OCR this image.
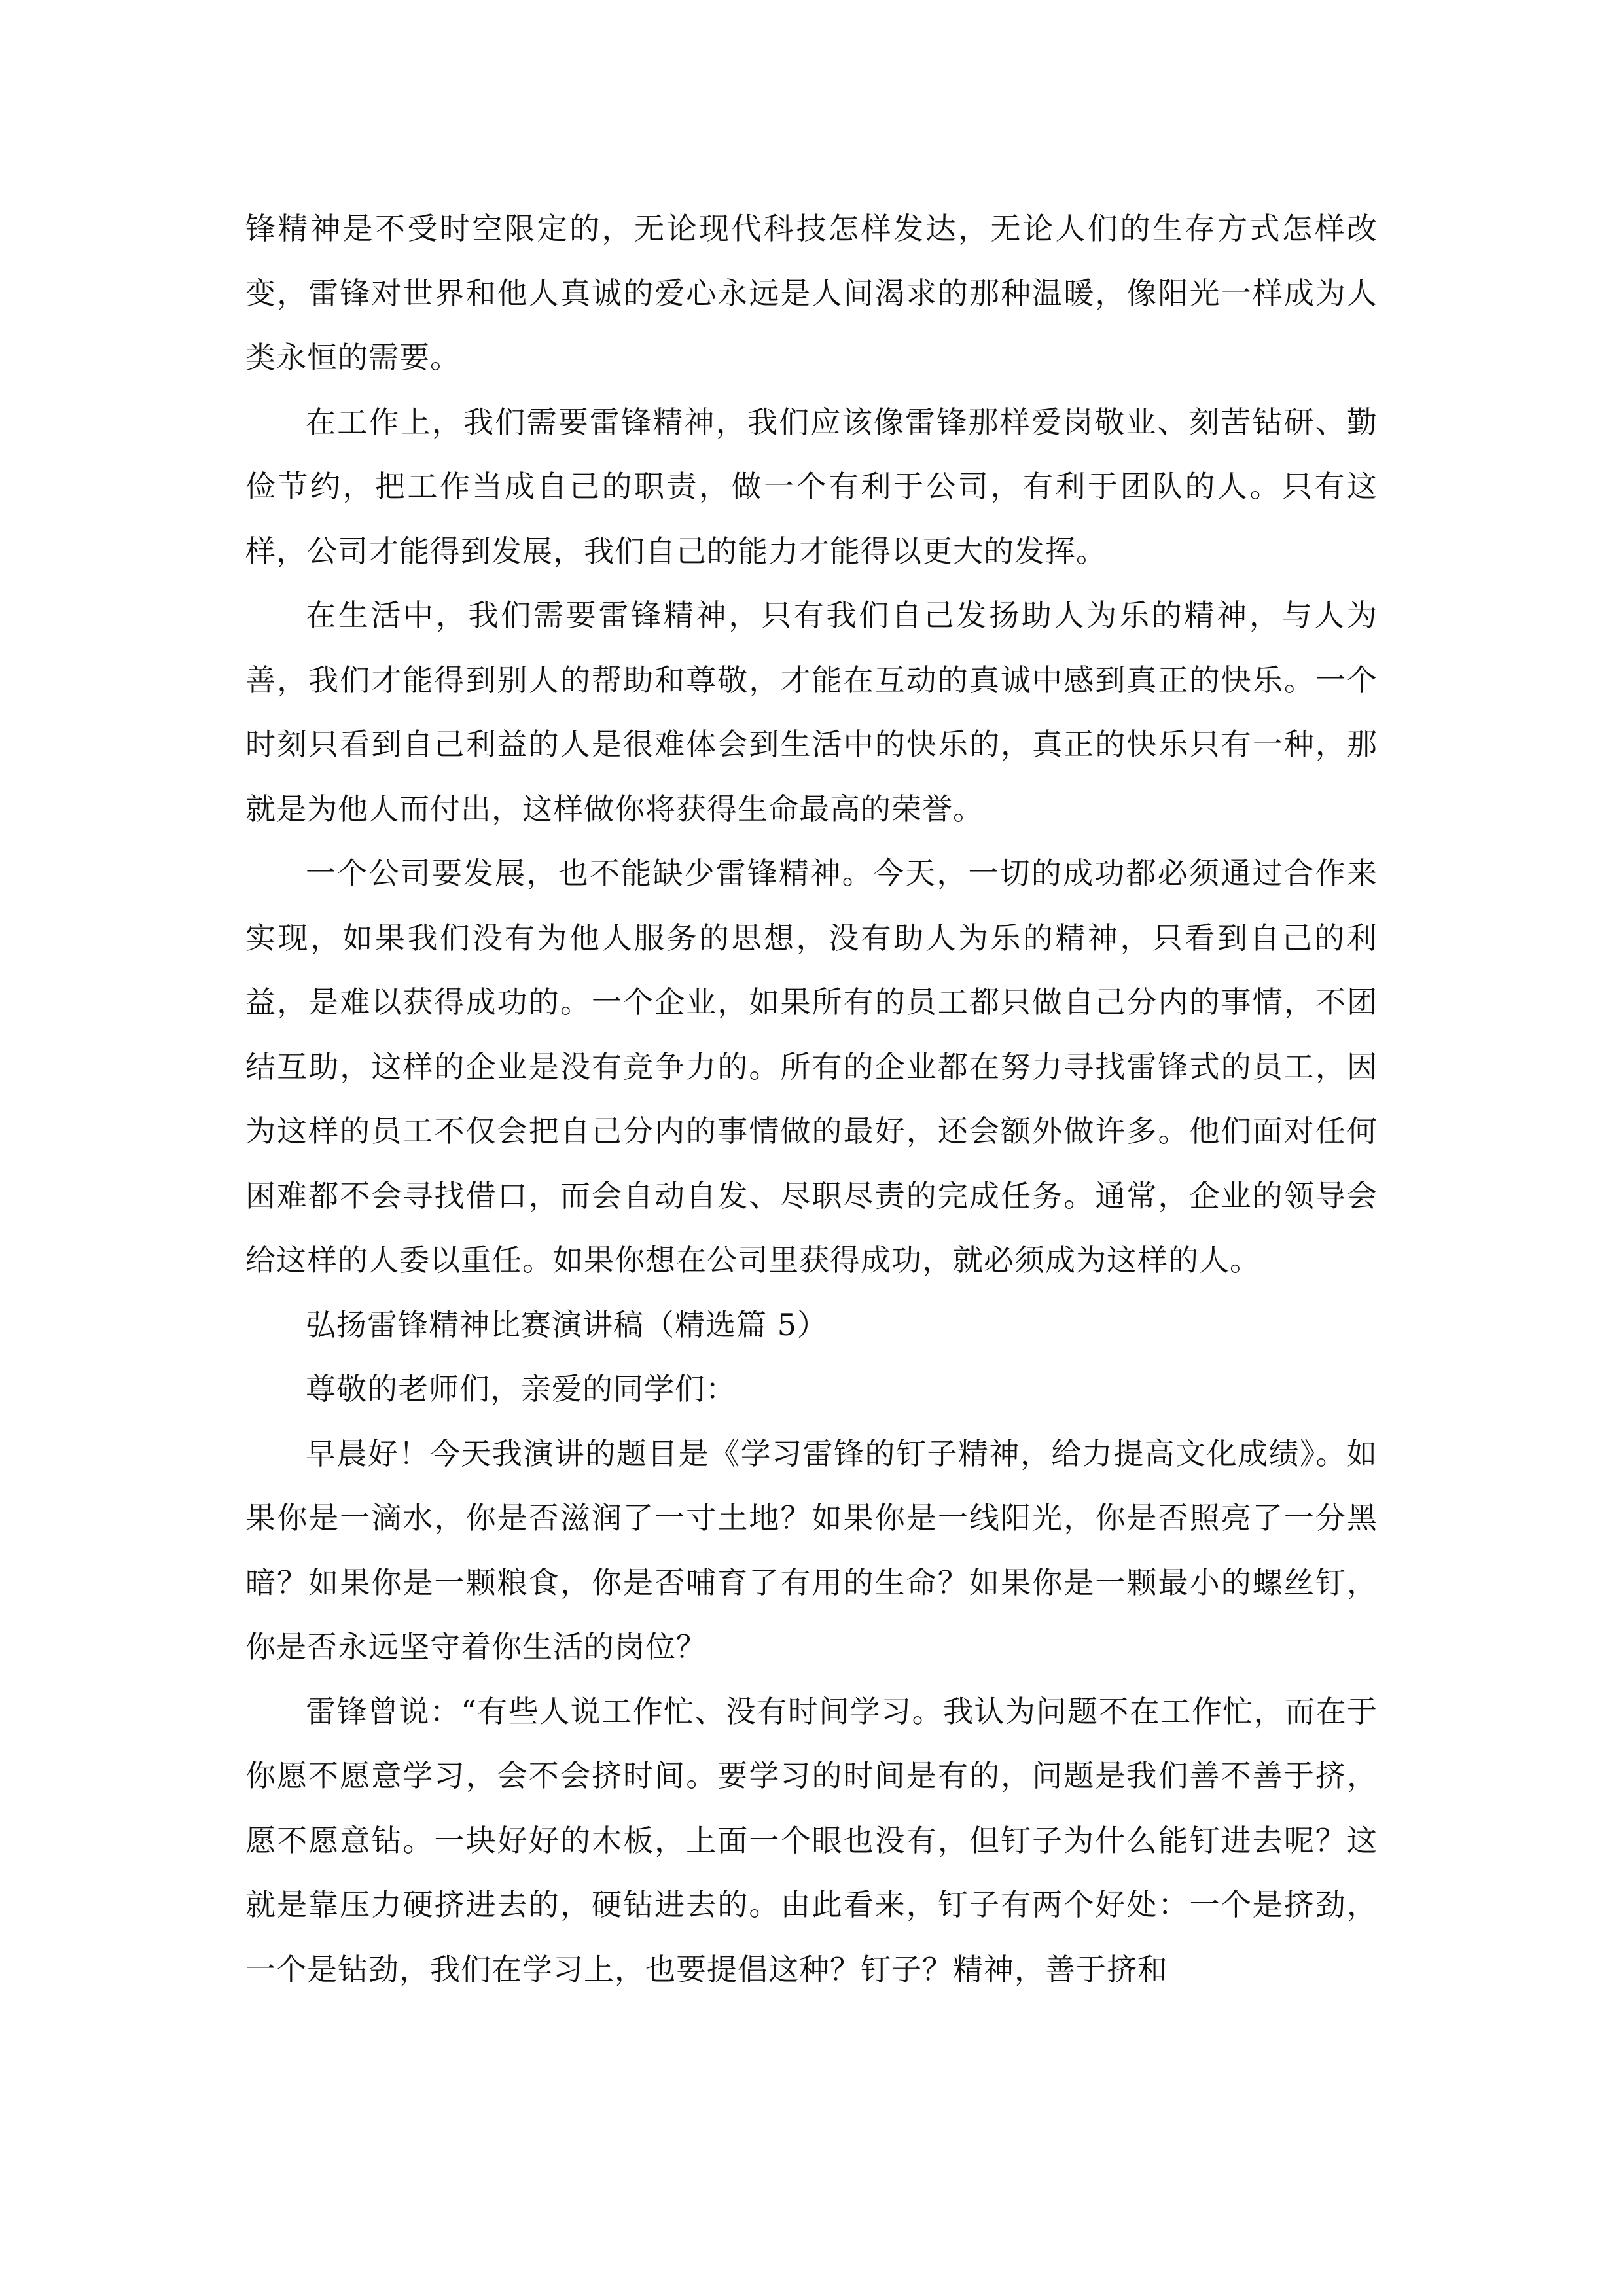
锋精神是不受时空限定的，无论现代科技怎样发达，无论人们的生存方式怎样改变，雷锋对世界和他人真诚的爱心永远是人间渴求的那种温暖，像阳光一样成为人类永恒的需要。

在工作上，我们需要雷锋精神，我们应该像雷锋那样爱岗敬业、刻苦钻研、勤俭节约，把工作当成自己的职责，做一个有利于公司，有利于团队的人。只有这样，公司才能得到发展，我们自己的能力才能得以更大的发挥。

在生活中，我们需要雷锋精神，只有我们自己发扬助人为乐的精神，与人为善，我们才能得到别人的帮助和尊敬，才能在互动的真诚中感到真正的快乐。一个时刻只看到自己利益的人是很难体会到生活中的快乐的，真正的快乐只有一种，那就是为他人而付出，这样做你将获得生命最高的荣誉。

一个公司要发展，也不能缺少雷锋精神。今天，一切的成功都必须通过合作来实现，如果我们没有为他人服务的思想，没有助人为乐的精神，只看到自己的利益，是难以获得成功的。一个企业，如果所有的员工都只做自己分内的事情，不团结互助，这样的企业是没有竞争力的。所有的企业都在努力寻找雷锋式的员工，因为这样的员工不仅会把自己分内的事情做的最好，还会额外做许多。他们面对任何困难都不会寻找借口，而会自动自发、尽职尽责的完成任务。通常，企业的领导会给这样的人委以重任。如果你想在公司里获得成功，就必须成为这样的人。

弘扬雷锋精神比赛演讲稿（精选篇 5）

尊敬的老师们，亲爱的同学们：

早晨好！今天我演讲的题目是《学习雷锋的钉子精神，给力提高文化成绩》。如果你是一滴水，你是否滋润了一寸土地？如果你是一线阳光，你是否照亮了一分黑暗？如果你是一颗粮食，你是否哺育了有用的生命？如果你是一颗最小的螺丝钉，你是否永远坚守着你生活的岗位？

雷锋曾说：“有些人说工作忙、没有时间学习。我认为问题不在工作忙，而在于你愿不愿意学习，会不会挤时间。要学习的时间是有的，问题是我们善不善于挤，愿不愿意钻。一块好好的木板，上面一个眼也没有，但钉子为什么能钉进去呢？这就是靠压力硬挤进去的，硬钻进去的。由此看来，钉子有两个好处：一个是挤劲，一个是钻劲，我们在学习上，也要提倡这种？钉子？精神，善于挤和
